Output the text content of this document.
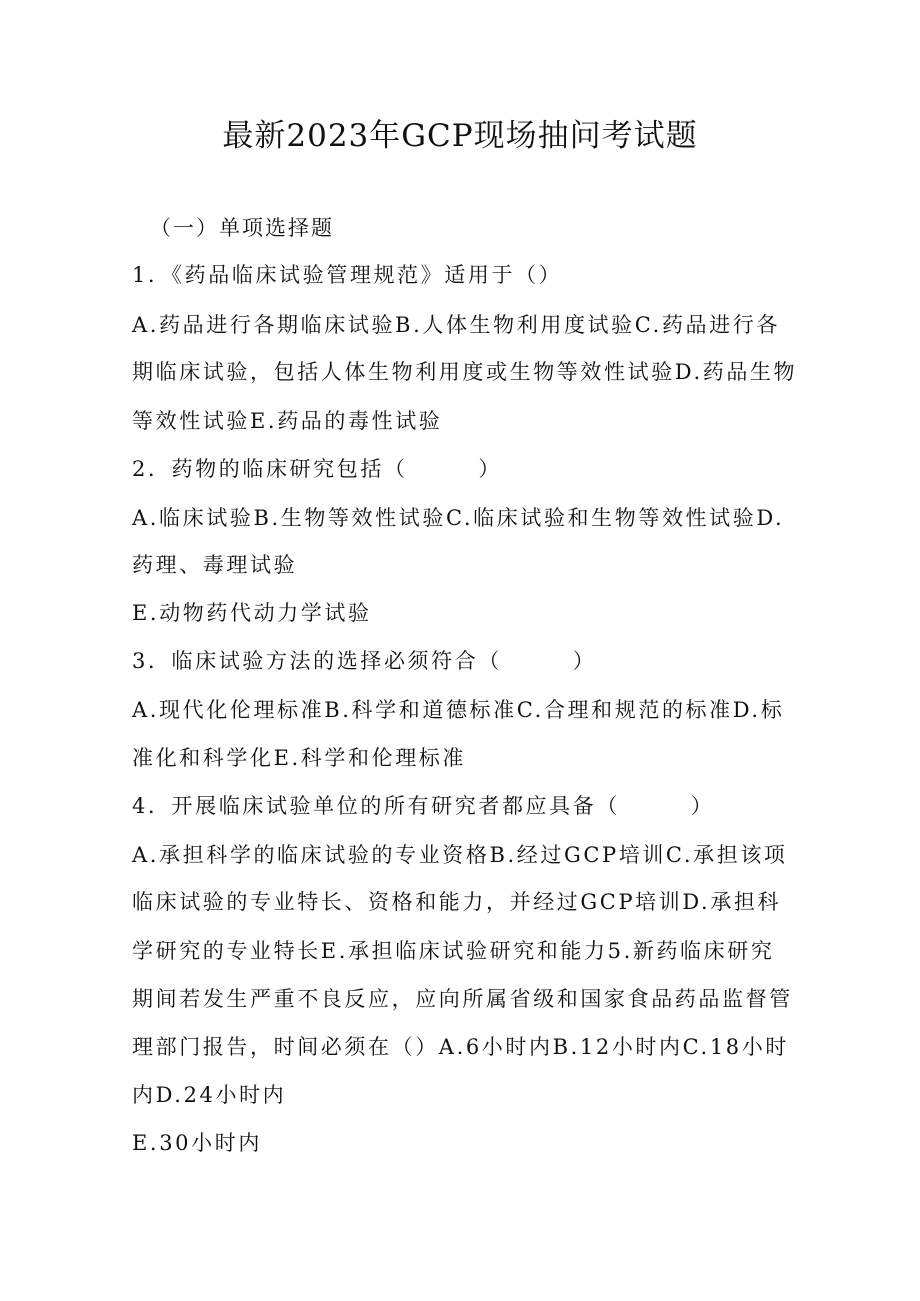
最新2023年GCP现场抽问考试题
（一）单项选择题
1．《药品临床试验管理规范》适用于（）
A.药品进行各期临床试验B.人体生物利用度试验C.药品进行各
期临床试验，包括人体生物利用度或生物等效性试验D.药品生物
等效性试验E.药品的毒性试验
2．药物的临床研究包括（　　　）
A.临床试验B.生物等效性试验C.临床试验和生物等效性试验D.
药理、毒理试验
E.动物药代动力学试验
3．临床试验方法的选择必须符合（　　　）
A.现代化伦理标准B.科学和道德标准C.合理和规范的标准D.标
准化和科学化E.科学和伦理标准
4．开展临床试验单位的所有研究者都应具备（　　　）
A.承担科学的临床试验的专业资格B.经过GCP培训C.承担该项
临床试验的专业特长、资格和能力，并经过GCP培训D.承担科
学研究的专业特长E.承担临床试验研究和能力5.新药临床研究
期间若发生严重不良反应，应向所属省级和国家食品药品监督管
理部门报告，时间必须在（）A.6小时内B.12小时内C.18小时
内D.24小时内
E.30小时内
